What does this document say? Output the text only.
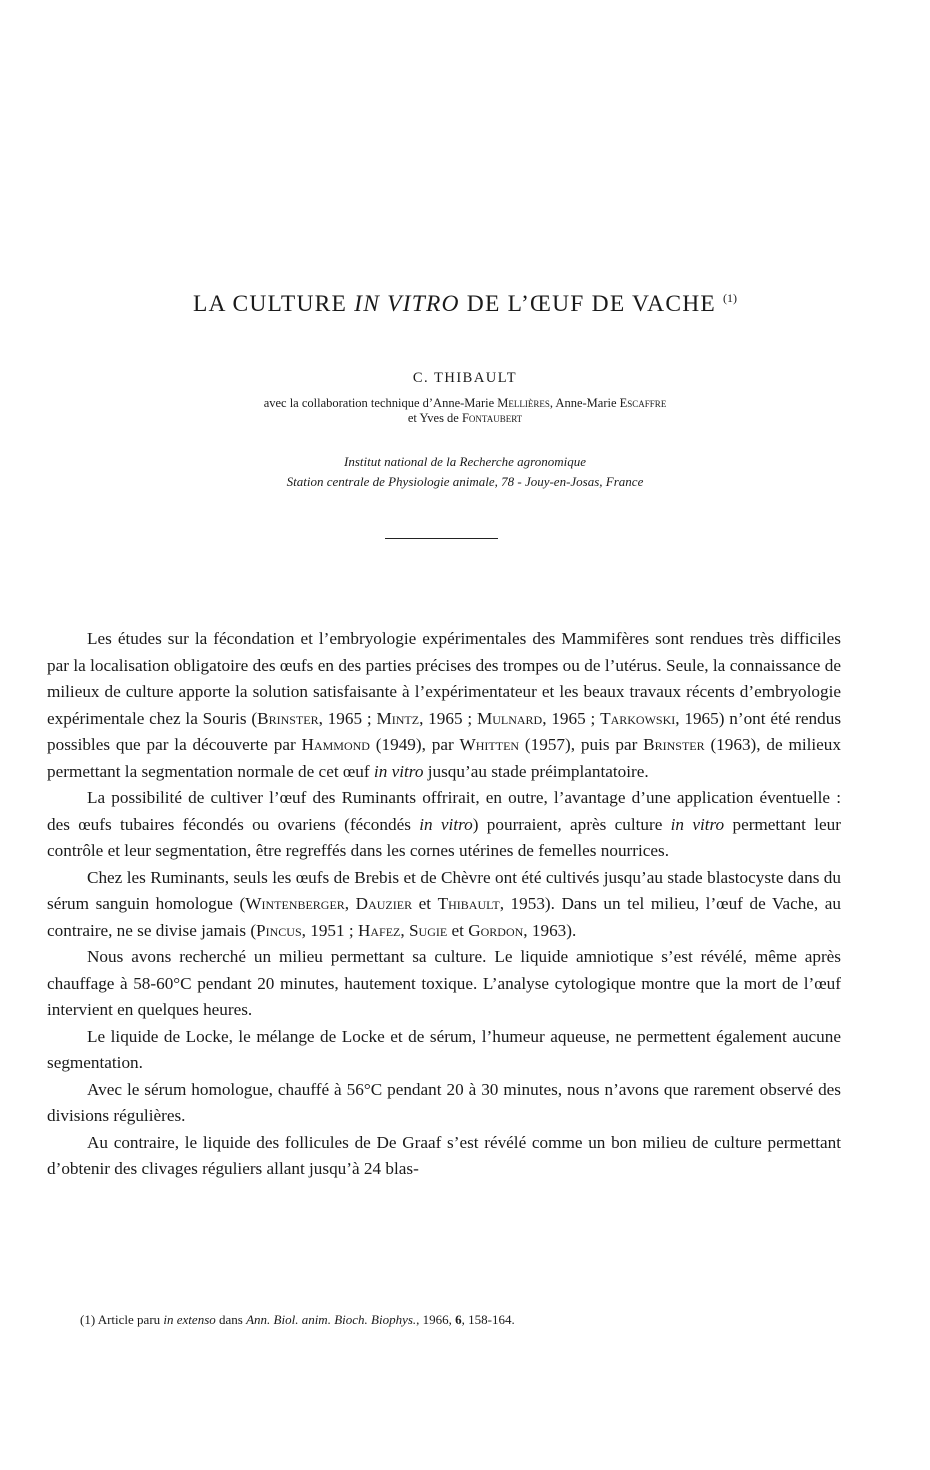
LA CULTURE IN VITRO DE L’ŒUF DE VACHE $^{(1)}$
C. THIBAULT
avec la collaboration technique d’Anne-Marie Mellières, Anne-Marie Escaffre
et Yves de Fontaubert
Institut national de la Recherche agronomique
Station centrale de Physiologie animale, 78 - Jouy-en-Josas, France

Les études sur la fécondation et l’embryologie expérimentales des Mammifères sont rendues très difficiles par la localisation obligatoire des œufs en des parties précises des trompes ou de l’utérus. Seule, la connaissance de milieux de culture apporte la solution satisfaisante à l’expérimentateur et les beaux travaux récents d’embryologie expérimentale chez la Souris (Brinster, 1965 ; Mintz, 1965 ; Mulnard, 1965 ; Tarkowski, 1965) n’ont été rendus possibles que par la découverte par Hammond (1949), par Whitten (1957), puis par Brinster (1963), de milieux permettant la segmentation normale de cet œuf in vitro jusqu’au stade préimplantatoire.

La possibilité de cultiver l’œuf des Ruminants offrirait, en outre, l’avantage d’une application éventuelle : des œufs tubaires fécondés ou ovariens (fécondés in vitro) pourraient, après culture in vitro permettant leur contrôle et leur segmentation, être regreffés dans les cornes utérines de femelles nourrices.

Chez les Ruminants, seuls les œufs de Brebis et de Chèvre ont été cultivés jusqu’au stade blastocyste dans du sérum sanguin homologue (Wintenberger, Dauzier et Thibault, 1953). Dans un tel milieu, l’œuf de Vache, au contraire, ne se divise jamais (Pincus, 1951 ; Hafez, Sugie et Gordon, 1963).

Nous avons recherché un milieu permettant sa culture. Le liquide amniotique s’est révélé, même après chauffage à 58-60°C pendant 20 minutes, hautement toxique. L’analyse cytologique montre que la mort de l’œuf intervient en quelques heures.

Le liquide de Locke, le mélange de Locke et de sérum, l’humeur aqueuse, ne permettent également aucune segmentation.

Avec le sérum homologue, chauffé à 56°C pendant 20 à 30 minutes, nous n’avons que rarement observé des divisions régulières.

Au contraire, le liquide des follicules de De Graaf s’est révélé comme un bon milieu de culture permettant d’obtenir des clivages réguliers allant jusqu’à 24 blas-

(1) Article paru in extenso dans Ann. Biol. anim. Bioch. Biophys., 1966, 6, 158-164.
